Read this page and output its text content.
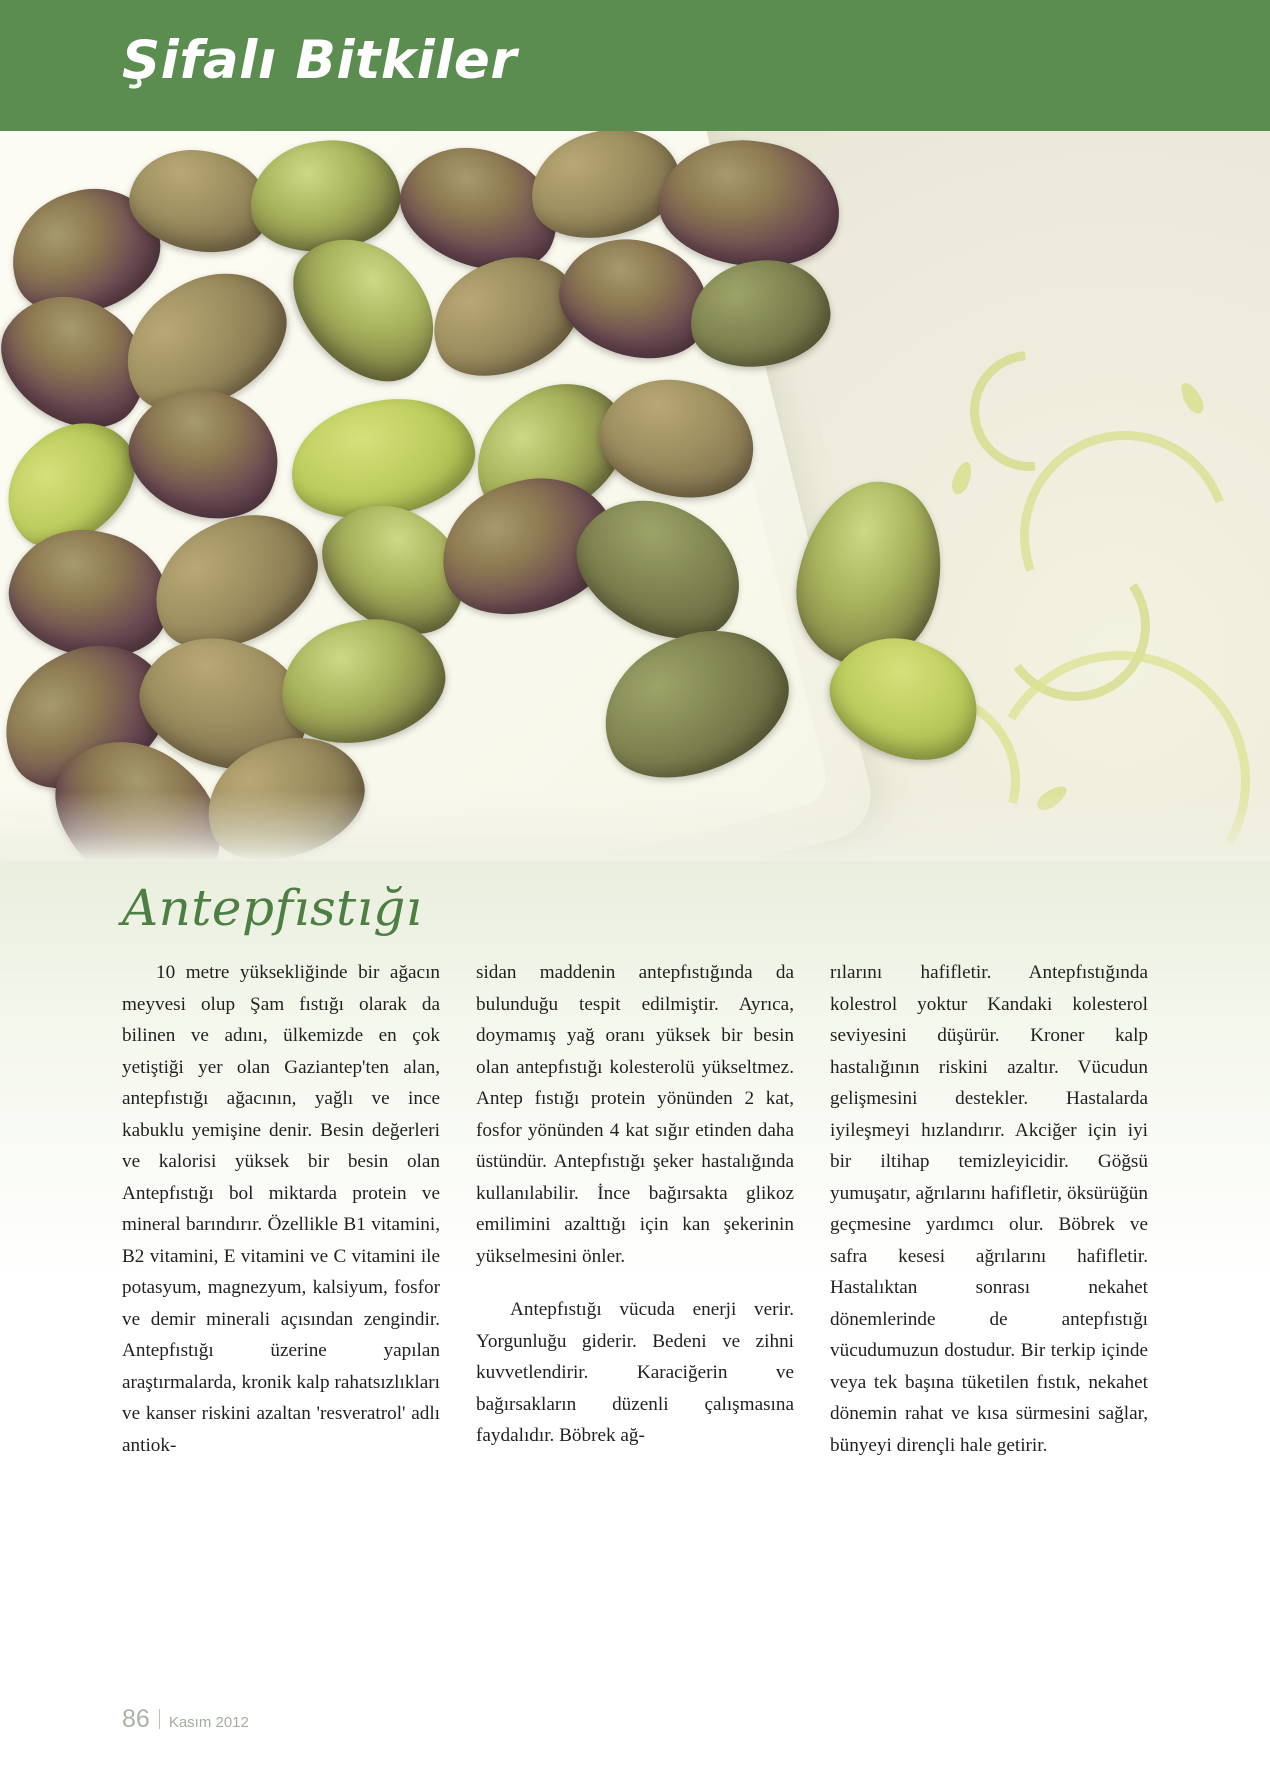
Şifalı Bitkiler
Antepfıstığı

10 metre yüksekliğinde bir ağacın meyvesi olup Şam fıstığı olarak da bilinen ve adını, ülkemizde en çok yetiştiği yer olan Gaziantep'ten alan, antepfıstığı ağacının, yağlı ve ince kabuklu yemişine denir. Besin değerleri ve kalorisi yüksek bir besin olan Antepfıstığı bol miktarda protein ve mineral barındırır. Özellikle B1 vitamini, B2 vitamini, E vitamini ve C vitamini ile potasyum, magnezyum, kalsiyum, fosfor ve demir minerali açısından zengindir. Antepfıstığı üzerine yapılan araştırmalarda, kronik kalp rahatsızlıkları ve kanser riskini azaltan 'resveratrol' adlı antiok-

sidan maddenin antepfıstığında da bulunduğu tespit edilmiştir. Ayrıca, doymamış yağ oranı yüksek bir besin olan antepfıstığı kolesterolü yükseltmez. Antep fıstığı protein yönünden 2 kat, fosfor yönünden 4 kat sığır etinden daha üstündür. Antepfıstığı şeker hastalığında kullanılabilir. İnce bağırsakta glikoz emilimini azalttığı için kan şekerinin yükselmesini önler.

Antepfıstığı vücuda enerji verir. Yorgunluğu giderir. Bedeni ve zihni kuvvetlendirir. Karaciğerin ve bağırsakların düzenli çalışmasına faydalıdır. Böbrek ağ-

rılarını hafifletir. Antepfıstığında kolestrol yoktur Kandaki kolesterol seviyesini düşürür. Kroner kalp hastalığının riskini azaltır. Vücudun gelişmesini destekler. Hastalarda iyileşmeyi hızlandırır. Akciğer için iyi bir iltihap temizleyicidir. Göğsü yumuşatır, ağrılarını hafifletir, öksürüğün geçmesine yardımcı olur. Böbrek ve safra kesesi ağrılarını hafifletir. Hastalıktan sonrası nekahet dönemlerinde de antepfıstığı vücudumuzun dostudur. Bir terkip içinde veya tek başına tüketilen fıstık, nekahet dönemin rahat ve kısa sürmesini sağlar, bünyeyi dirençli hale getirir.

86 Kasım 2012
